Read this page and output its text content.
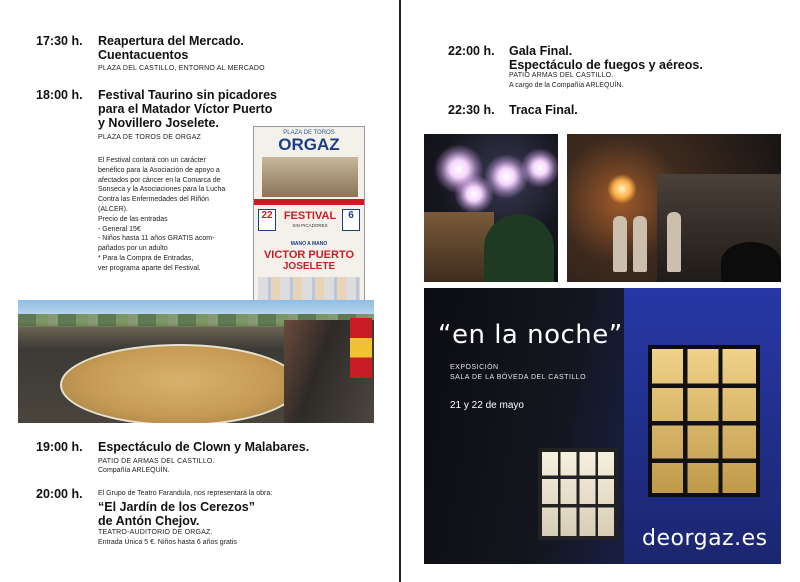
17:30 h. Reapertura del Mercado.
Cuentacuentos
PLAZA DEL CASTILLO, ENTORNO AL MERCADO
18:00 h. Festival Taurino sin picadores
para el Matador Víctor Puerto
y Novillero Joselete.
PLAZA DE TOROS DE ORGAZ
El Festival contará con un carácter
benéfico para la Asociación de apoyo a
afectados por cáncer en la Comarca de
Sonseca y la Asociaciones para la Lucha
Contra las Enfermedades del Riñón
(ALCER).
Precio de las entradas
- General 15€
- Niños hasta 11 años GRATIS acom-
pañados por un adulto
* Para la Compra de Entradas,
ver programa aparte del Festival.
PLAZA DE TOROS
ORGAZ
22	FESTIVAL
SIN PICADORES
6
MANO A MANO
VICTOR PUERTO
JOSELETE
19:00 h. Espectáculo de Clown y Malabares.
PATIO DE ARMAS DEL CASTILLO.
Compañía ARLEQUÍN.
20:00 h. El Grupo de Teatro Farandula, nos representará la obra:
“El Jardín de los Cerezos”
de Antón Chejov.
TEATRO-AUDITORIO DE ORGAZ.
Entrada Única 5 €. Niños hasta 6 años gratis
22:00 h. Gala Final.
Espectáculo de fuegos y aéreos.
PATIO ARMAS DEL CASTILLO.
A cargo de la Compañía ARLEQUÍN.
22:30 h. Traca Final.
“en la noche”
EXPOSICIÓN
SALA DE LA BÓVEDA DEL CASTILLO
21 y 22 de mayo
deorgaz.es
